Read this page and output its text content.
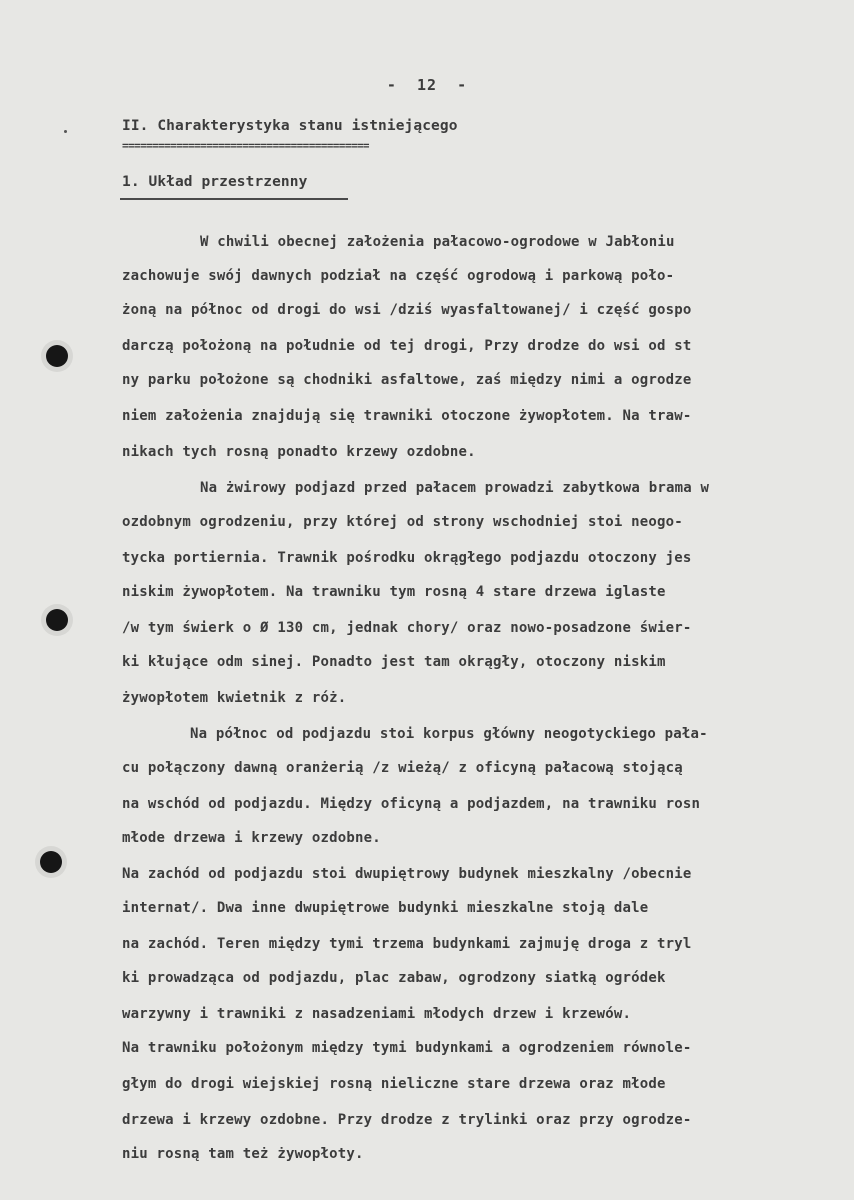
-  12  -
II. Charakterystyka stanu istniejącego
=========================================
1. Układ przestrzenny
W chwili obecnej założenia pałacowo-ogrodowe w Jabłoniu
zachowuje swój dawnych podział na część ogrodową i parkową poło-
żoną na północ od drogi do wsi /dziś wyasfaltowanej/ i część gospo
darczą położoną na południe od tej drogi, Przy drodze do wsi od st
ny parku położone są chodniki asfaltowe, zaś między nimi a ogrodze
niem założenia znajdują się trawniki otoczone żywopłotem. Na traw-
nikach tych rosną ponadto krzewy ozdobne.
Na żwirowy podjazd przed pałacem prowadzi zabytkowa brama w
ozdobnym ogrodzeniu, przy której od strony wschodniej stoi neogo-
tycka portiernia. Trawnik pośrodku okrągłego podjazdu otoczony jes
niskim żywopłotem. Na trawniku tym rosną 4 stare drzewa iglaste
/w tym świerk o Ø 130 cm, jednak chory/ oraz nowo-posadzone świer-
ki kłujące odm sinej. Ponadto jest tam okrągły, otoczony niskim
żywopłotem kwietnik z róż.
Na północ od podjazdu stoi korpus główny neogotyckiego pała-
cu połączony dawną oranżerią /z wieżą/ z oficyną pałacową stojącą
na wschód od podjazdu. Między oficyną a podjazdem, na trawniku rosn
młode drzewa i krzewy ozdobne.
Na zachód od podjazdu stoi dwupiętrowy budynek mieszkalny /obecnie
internat/. Dwa inne dwupiętrowe budynki mieszkalne stoją dale
na zachód. Teren między tymi trzema budynkami zajmuję droga z tryl
ki prowadząca od podjazdu, plac zabaw, ogrodzony siatką ogródek
warzywny i trawniki z nasadzeniami młodych drzew i krzewów.
Na trawniku położonym między tymi budynkami a ogrodzeniem równole-
głym do drogi wiejskiej rosną nieliczne stare drzewa oraz młode
drzewa i krzewy ozdobne. Przy drodze z trylinki oraz przy ogrodze-
niu rosną tam też żywopłoty.
